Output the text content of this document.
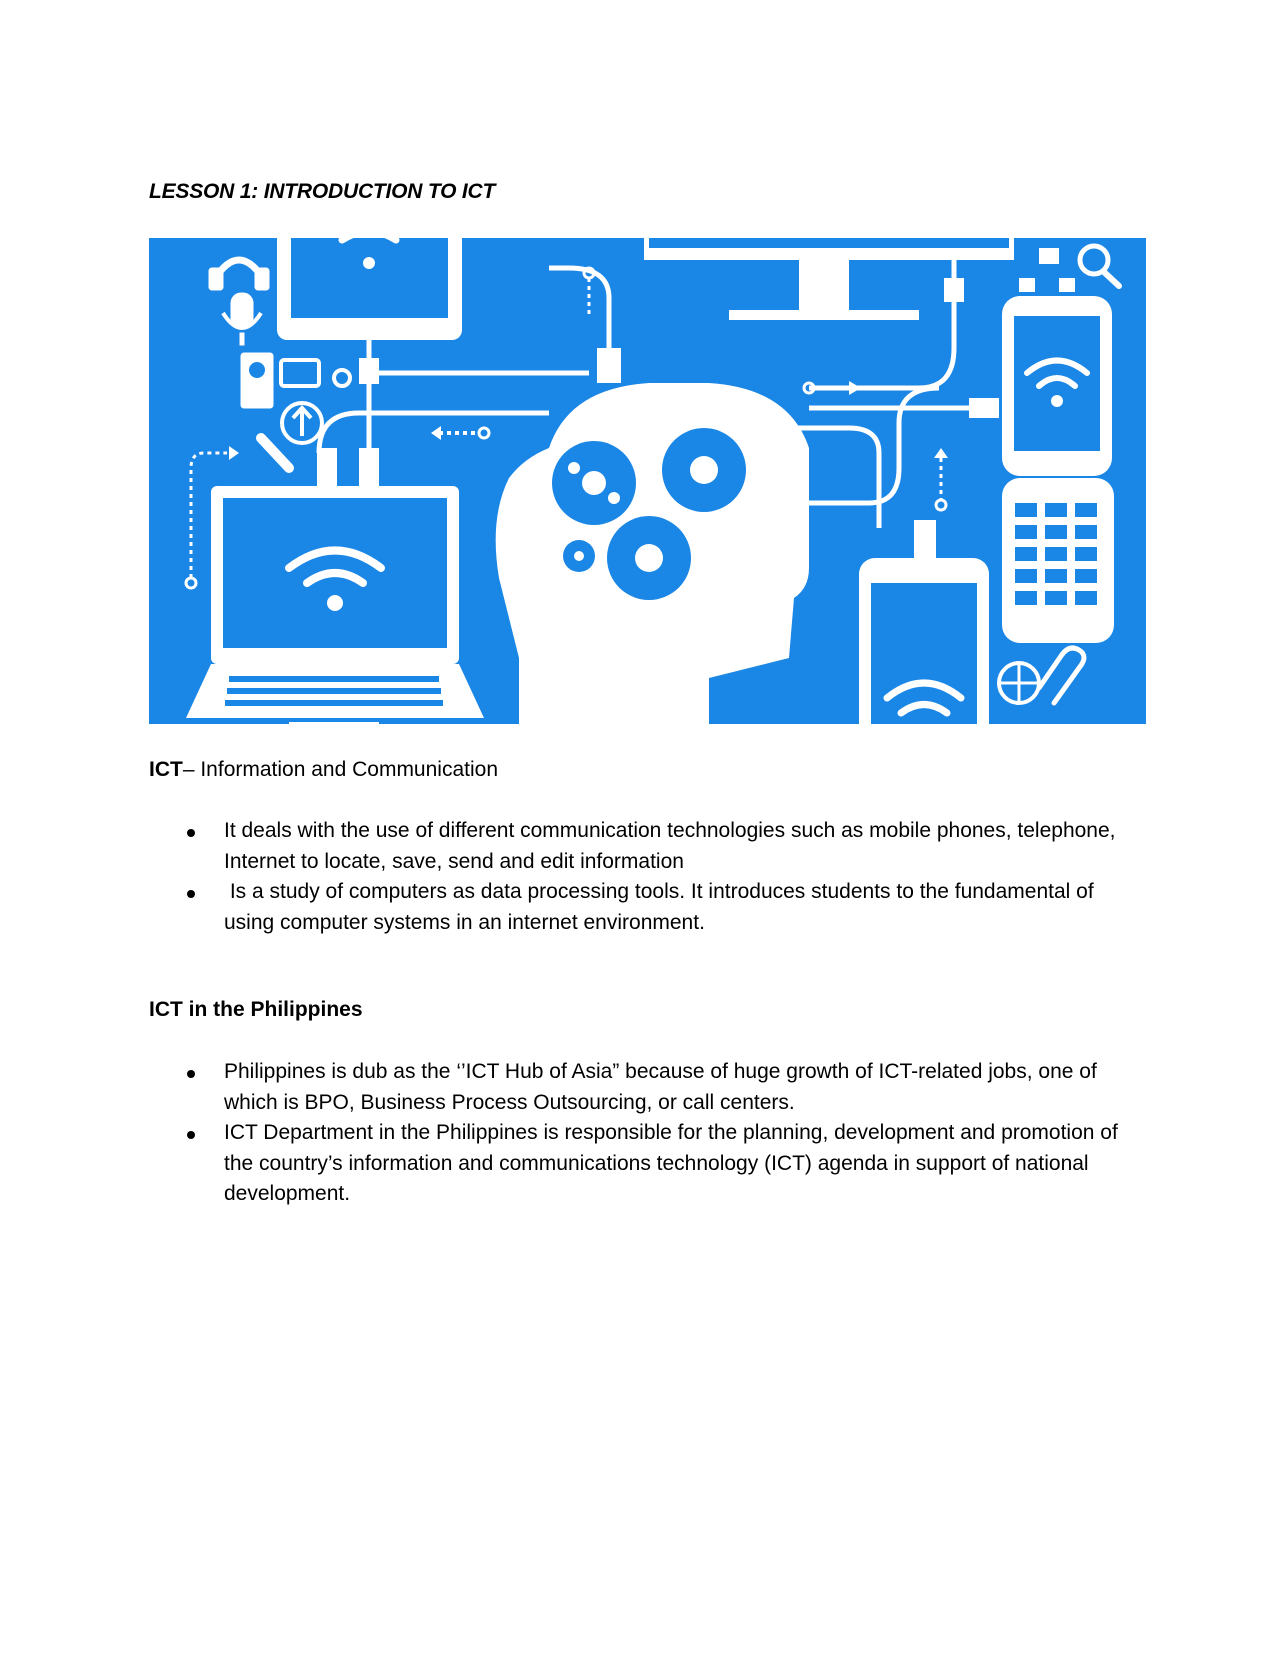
LESSON 1: INTRODUCTION TO ICT
ICT– Information and Communication
It deals with the use of different communication technologies such as mobile phones, telephone, Internet to locate, save, send and edit information
Is a study of computers as data processing tools. It introduces students to the fundamental of using computer systems in an internet environment.
ICT in the Philippines
Philippines is dub as the ‘’ICT Hub of Asia” because of huge growth of ICT-related jobs, one of which is BPO, Business Process Outsourcing, or call centers.
ICT Department in the Philippines is responsible for the planning, development and promotion of the country’s information and communications technology (ICT) agenda in support of national development.
